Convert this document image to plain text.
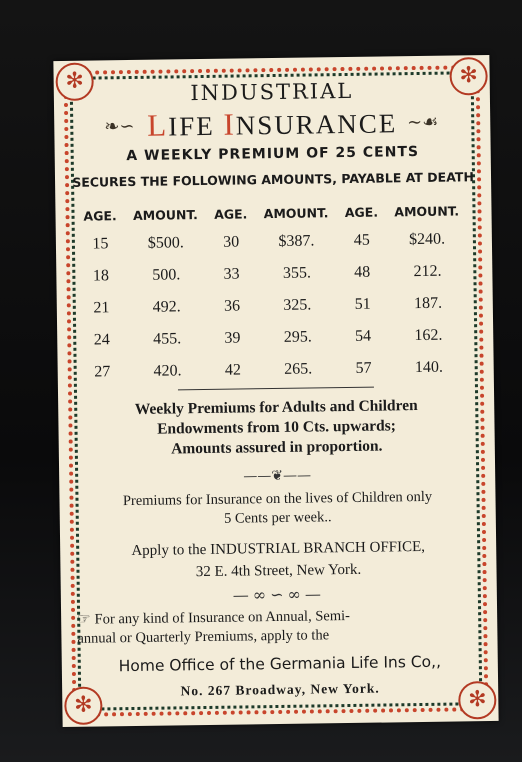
✻	✻
✻	✻
INDUSTRIAL
❧∽ LIFE INSURANCE ∼☙
A WEEKLY PREMIUM OF 25 CENTS
SECURES THE FOLLOWING AMOUNTS, PAYABLE AT DEATH
AGE.	AMOUNT.	AGE.	AMOUNT.	AGE.	AMOUNT.
15	$500.	30	$387.	45	$240.
18	500.	33	355.	48	212.
21	492.	36	325.	51	187.
24	455.	39	295.	54	162.
27	420.	42	265.	57	140.
Weekly Premiums for Adults and Children
Endowments from 10 Cts. upwards;
Amounts assured in proportion.
——❦——
Premiums for Insurance on the lives of Children only
5 Cents per week..
Apply to the INDUSTRIAL BRANCH OFFICE,
32 E. 4th Street, New York.
—∞∽∞—
☞ For any kind of Insurance on Annual, Semi-
annual or Quarterly Premiums, apply to the
Home Office of the Germania Life Ins Co,,
No. 267 Broadway, New York.
